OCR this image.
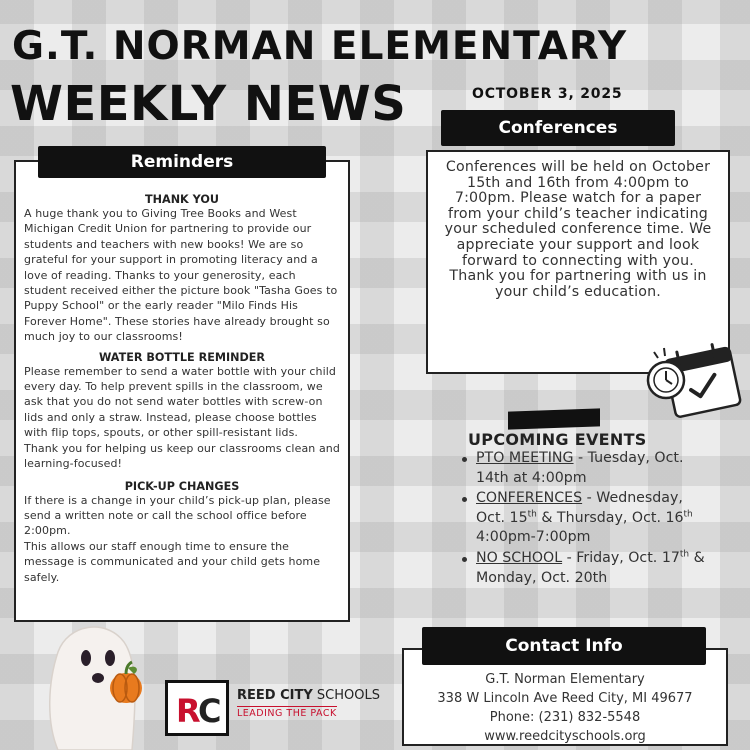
G.T. NORMAN ELEMENTARY
WEEKLY NEWS	OCTOBER 3, 2025
THANK YOU

A huge thank you to Giving Tree Books and West Michigan Credit Union for partnering to provide our students and teachers with new books! We are so grateful for your support in promoting literacy and a love of reading. Thanks to your generosity, each student received either the picture book "Tasha Goes to Puppy School" or the early reader "Milo Finds His Forever Home". These stories have already brought so much joy to our classrooms!

WATER BOTTLE REMINDER

Please remember to send a water bottle with your child every day. To help prevent spills in the classroom, we ask that you do not send water bottles with screw-on lids and only a straw. Instead, please choose bottles with flip tops, spouts, or other spill-resistant lids.

Thank you for helping us keep our classrooms clean and learning-focused!

PICK-UP CHANGES

If there is a change in your child’s pick-up plan, please send a written note or call the school office before 2:00pm.

This allows our staff enough time to ensure the message is communicated and your child gets home safely.

Reminders	Conferences will be held on October 15th and 16th from 4:00pm to 7:00pm. Please watch for a paper from your child’s teacher indicating your scheduled conference time. We appreciate your support and look forward to connecting with you. Thank you for partnering with us in your child’s education.
Conferences
UPCOMING EVENTS
PTO MEETING - Tuesday, Oct. 14th at 4:00pm
CONFERENCES - Wednesday, Oct. 15th & Thursday, Oct. 16th 4:00pm-7:00pm
NO SCHOOL - Friday, Oct. 17th & Monday, Oct. 20th
G.T. Norman Elementary
338 W Lincoln Ave Reed City, MI 49677
Phone: (231) 832-5548
www.reedcityschools.org
Contact Info
R
C REED CITY SCHOOLS
LEADING THE PACK
